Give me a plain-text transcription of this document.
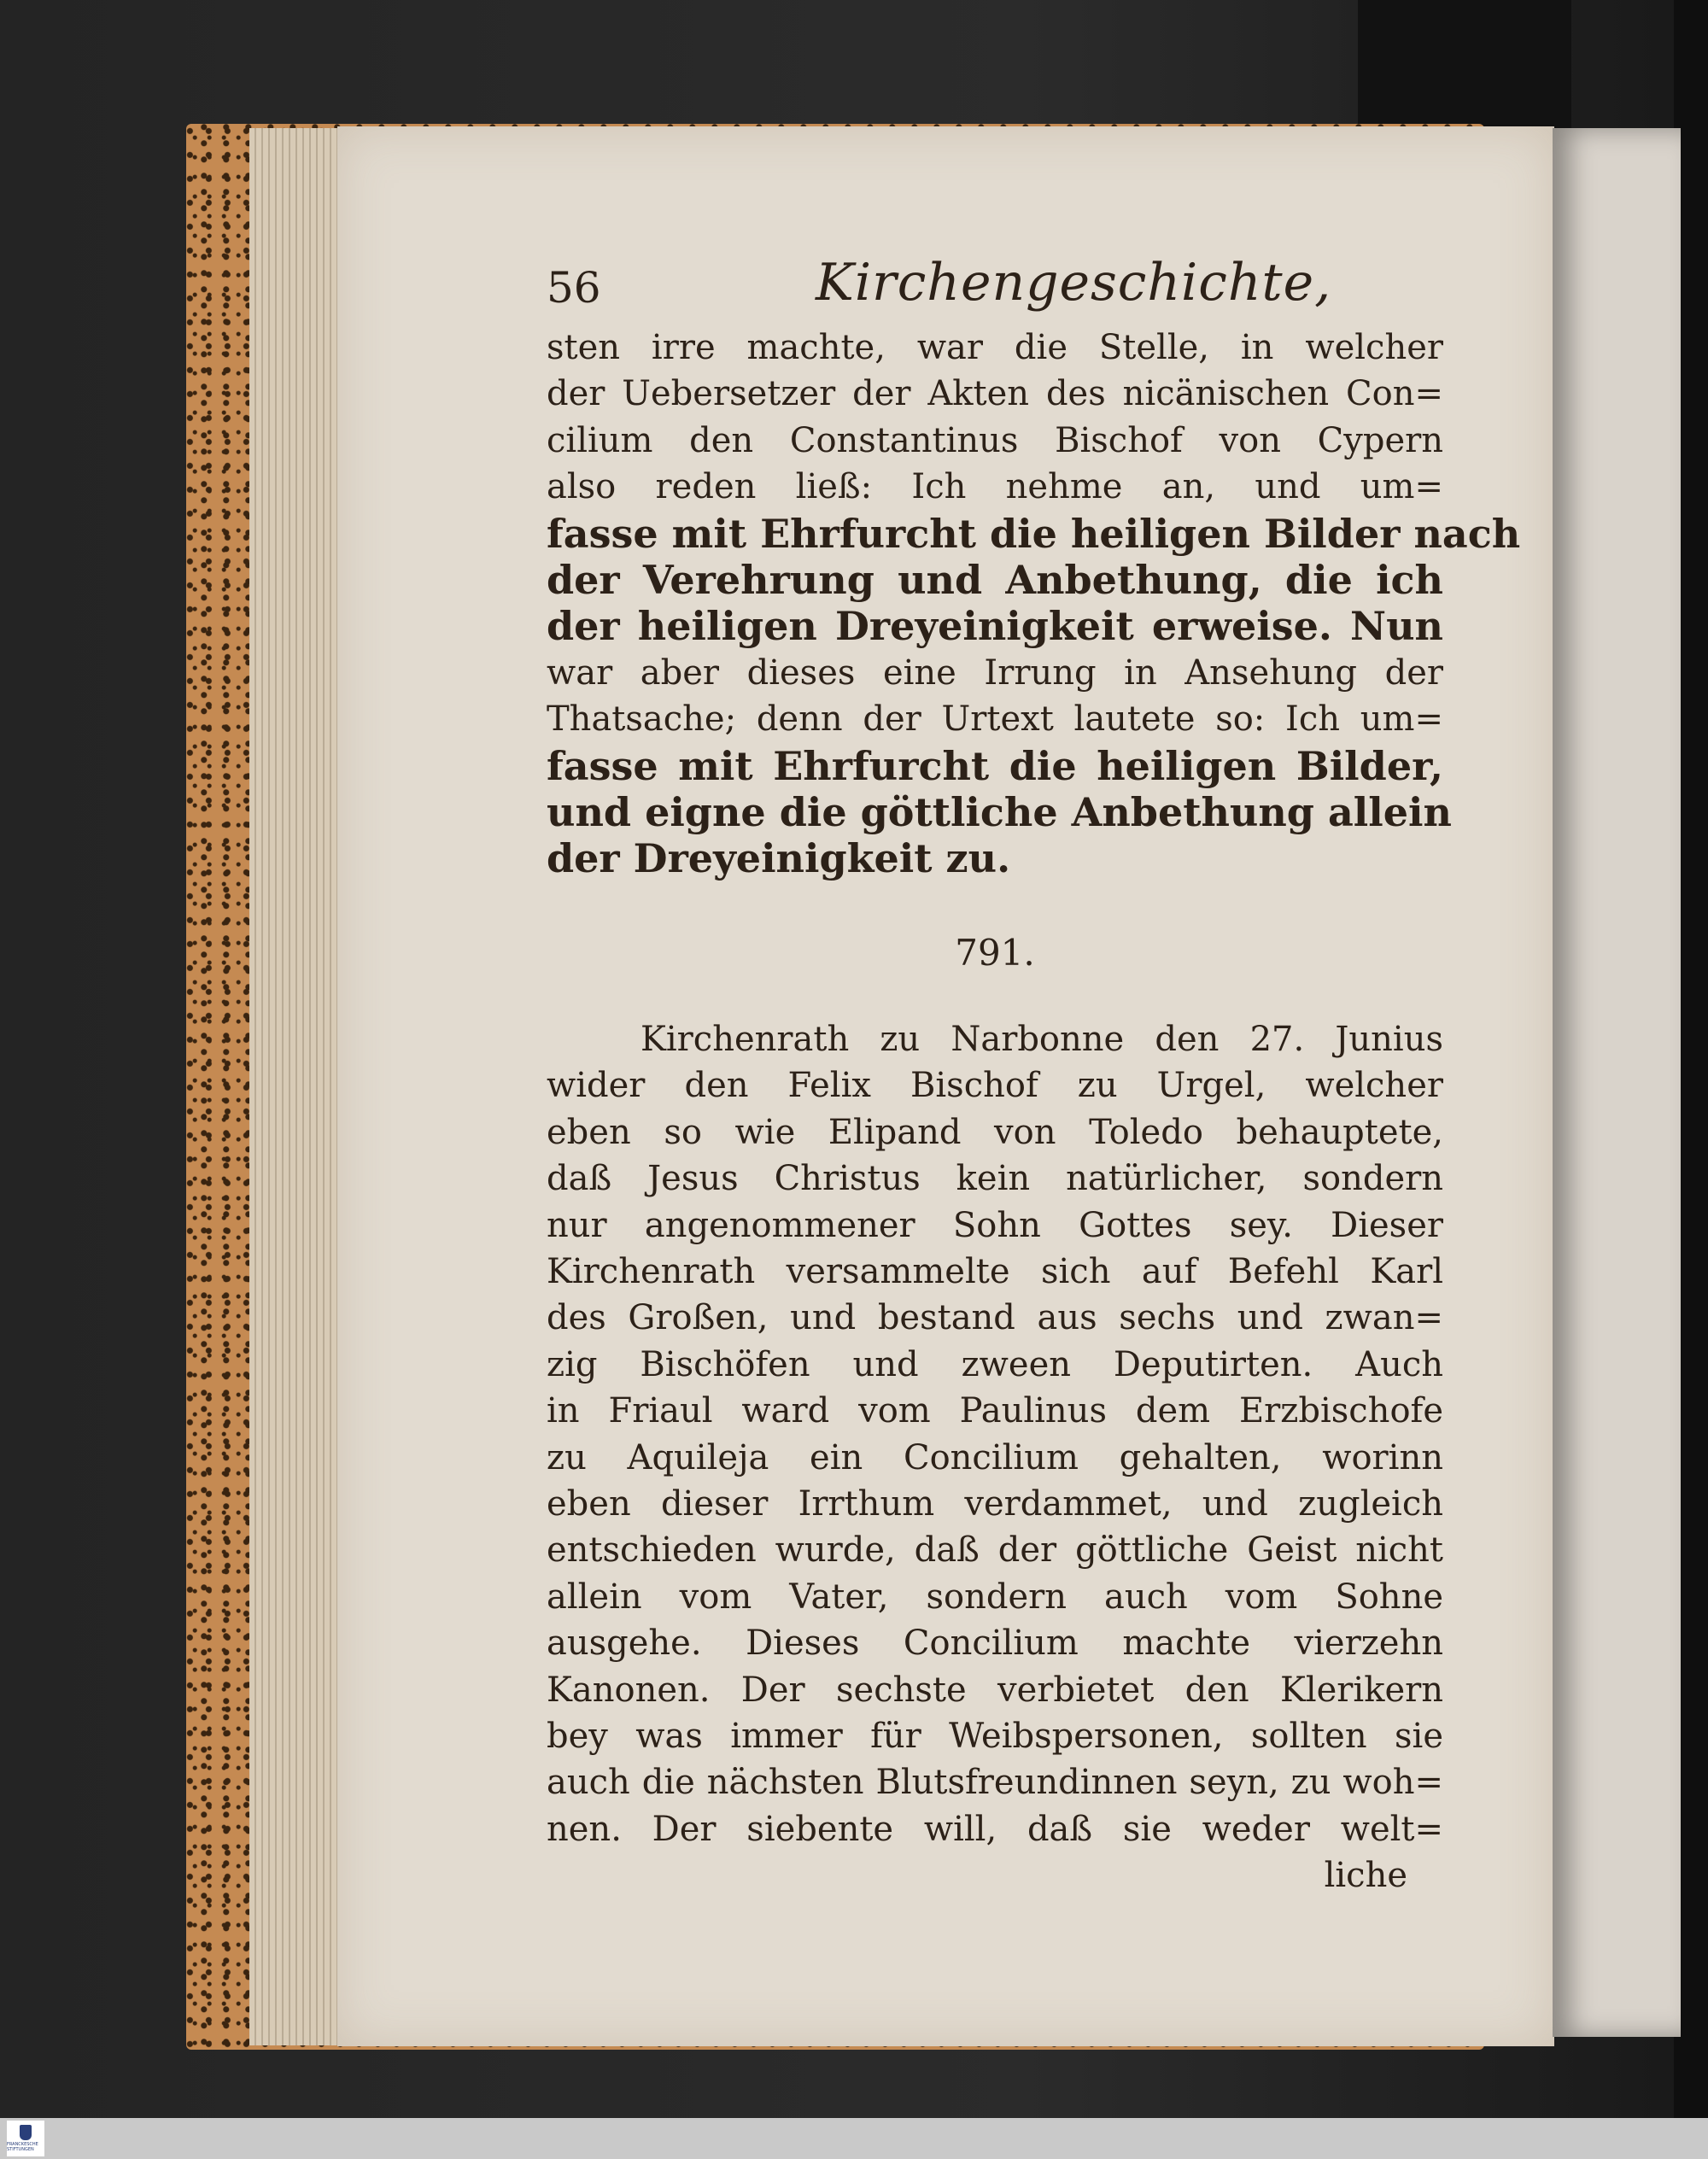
56	Kirchengeschichte,

sten irre machte, war die Stelle, in welcher
der Uebersetzer der Akten des nicänischen Con=
cilium den Constantinus Bischof von Cypern
also reden ließ: Ich nehme an, und um=
fasse mit Ehrfurcht die heiligen Bilder nach
der Verehrung und Anbethung, die ich
der heiligen Dreyeinigkeit erweise. Nun
war aber dieses eine Irrung in Ansehung der
Thatsache; denn der Urtext lautete so: Ich um=
fasse mit Ehrfurcht die heiligen Bilder,
und eigne die göttliche Anbethung allein
der Dreyeinigkeit zu.

791.

Kirchenrath zu Narbonne den 27. Junius
wider den Felix Bischof zu Urgel, welcher
eben so wie Elipand von Toledo behauptete,
daß Jesus Christus kein natürlicher, sondern
nur angenommener Sohn Gottes sey. Dieser
Kirchenrath versammelte sich auf Befehl Karl
des Großen, und bestand aus sechs und zwan=
zig Bischöfen und zween Deputirten. Auch
in Friaul ward vom Paulinus dem Erzbischofe
zu Aquileja ein Concilium gehalten, worinn
eben dieser Irrthum verdammet, und zugleich
entschieden wurde, daß der göttliche Geist nicht
allein vom Vater, sondern auch vom Sohne
ausgehe. Dieses Concilium machte vierzehn
Kanonen. Der sechste verbietet den Klerikern
bey was immer für Weibspersonen, sollten sie
auch die nächsten Blutsfreundinnen seyn, zu woh=
nen. Der siebente will, daß sie weder welt=

liche
FRANCKESCHE STIFTUNGEN
